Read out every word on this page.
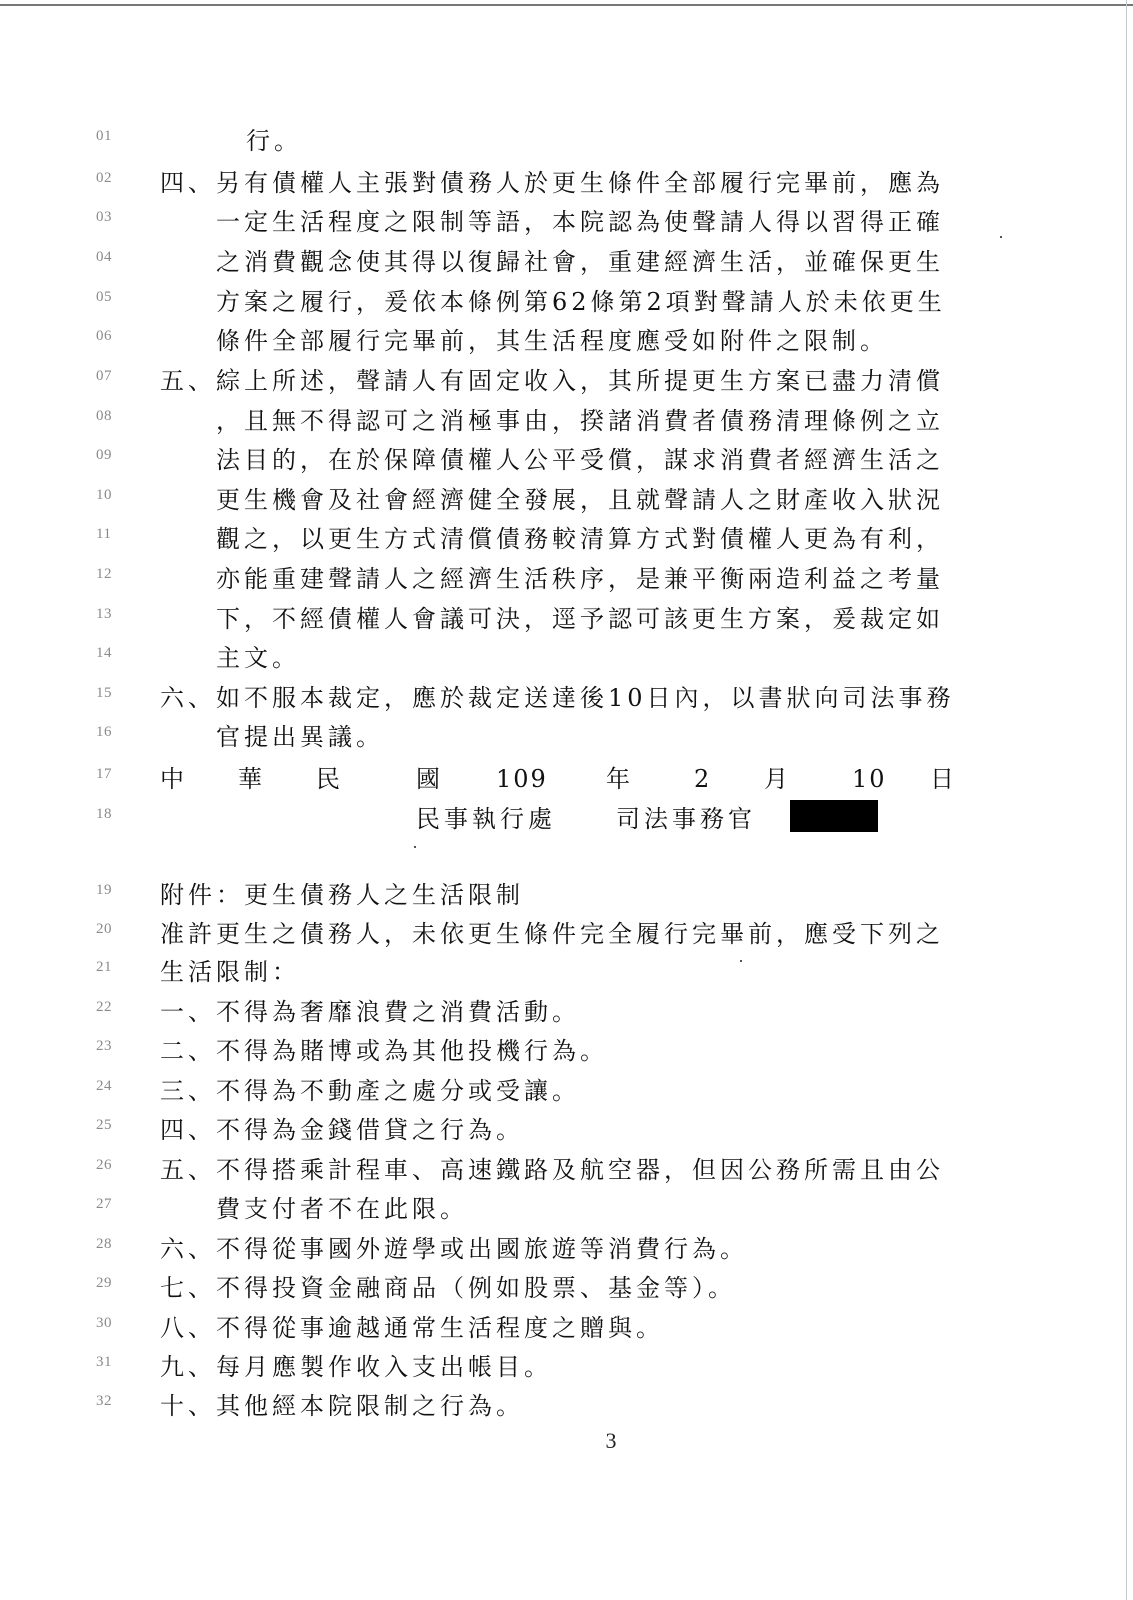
01	行。
02	四、另有債權人主張對債務人於更生條件全部履行完畢前，應為
03	一定生活程度之限制等語，本院認為使聲請人得以習得正確
04	之消費觀念使其得以復歸社會，重建經濟生活，並確保更生
05	方案之履行，爰依本條例第62條第2項對聲請人於未依更生
06	條件全部履行完畢前，其生活程度應受如附件之限制。
07	五、綜上所述，聲請人有固定收入，其所提更生方案已盡力清償
08	，且無不得認可之消極事由，揆諸消費者債務清理條例之立
09	法目的，在於保障債權人公平受償，謀求消費者經濟生活之
10	更生機會及社會經濟健全發展，且就聲請人之財產收入狀況
11	觀之，以更生方式清償債務較清算方式對債權人更為有利，
12	亦能重建聲請人之經濟生活秩序，是兼平衡兩造利益之考量
13	下，不經債權人會議可決，逕予認可該更生方案，爰裁定如
14	主文。
15	六、如不服本裁定，應於裁定送達後10日內，以書狀向司法事務
16	官提出異議。
17	中 華 民	國 109 年	2 月	10 日
18	民事執行處	司法事務官
19	附件：更生債務人之生活限制
20	准許更生之債務人，未依更生條件完全履行完畢前，應受下列之
21	生活限制：
22	一、不得為奢靡浪費之消費活動。
23	二、不得為賭博或為其他投機行為。
24	三、不得為不動產之處分或受讓。
25	四、不得為金錢借貸之行為。
26	五、不得搭乘計程車、高速鐵路及航空器，但因公務所需且由公
27	費支付者不在此限。
28	六、不得從事國外遊學或出國旅遊等消費行為。
29	七、不得投資金融商品（例如股票、基金等）。
30	八、不得從事逾越通常生活程度之贈與。
31	九、每月應製作收入支出帳目。
32	十、其他經本院限制之行為。
3
